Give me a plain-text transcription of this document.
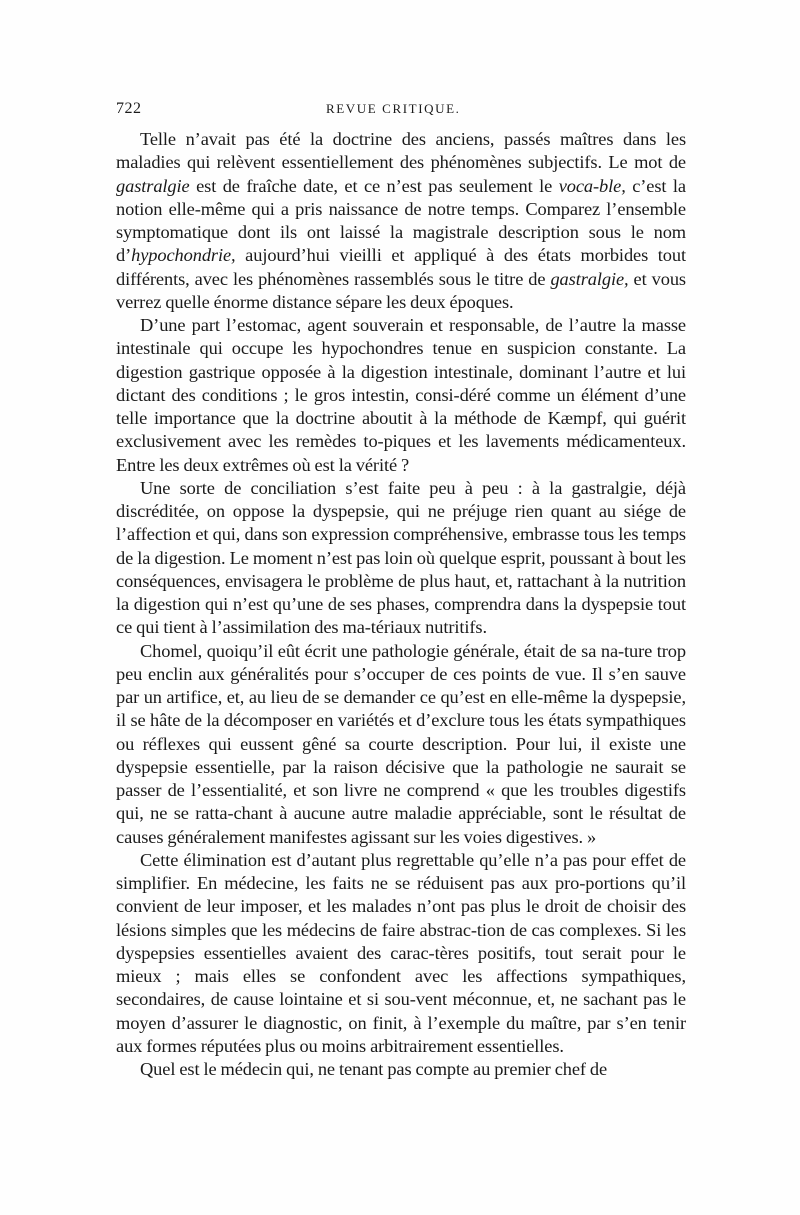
722	REVUE CRITIQUE.

Telle n’avait pas été la doctrine des anciens, passés maîtres dans les maladies qui relèvent essentiellement des phénomènes subjectifs. Le mot de gastralgie est de fraîche date, et ce n’est pas seulement le voca-ble, c’est la notion elle-même qui a pris naissance de notre temps. Comparez l’ensemble symptomatique dont ils ont laissé la magistrale description sous le nom d’hypochondrie, aujourd’hui vieilli et appliqué à des états morbides tout différents, avec les phénomènes rassemblés sous le titre de gastralgie, et vous verrez quelle énorme distance sépare les deux époques.

D’une part l’estomac, agent souverain et responsable, de l’autre la masse intestinale qui occupe les hypochondres tenue en suspicion constante. La digestion gastrique opposée à la digestion intestinale, dominant l’autre et lui dictant des conditions ; le gros intestin, consi-déré comme un élément d’une telle importance que la doctrine aboutit à la méthode de Kæmpf, qui guérit exclusivement avec les remèdes to-piques et les lavements médicamenteux. Entre les deux extrêmes où est la vérité ?

Une sorte de conciliation s’est faite peu à peu : à la gastralgie, déjà discréditée, on oppose la dyspepsie, qui ne préjuge rien quant au siége de l’affection et qui, dans son expression compréhensive, embrasse tous les temps de la digestion. Le moment n’est pas loin où quelque esprit, poussant à bout les conséquences, envisagera le problème de plus haut, et, rattachant à la nutrition la digestion qui n’est qu’une de ses phases, comprendra dans la dyspepsie tout ce qui tient à l’assimilation des ma-tériaux nutritifs.

Chomel, quoiqu’il eût écrit une pathologie générale, était de sa na-ture trop peu enclin aux généralités pour s’occuper de ces points de vue. Il s’en sauve par un artifice, et, au lieu de se demander ce qu’est en elle-même la dyspepsie, il se hâte de la décomposer en variétés et d’exclure tous les états sympathiques ou réflexes qui eussent gêné sa courte description. Pour lui, il existe une dyspepsie essentielle, par la raison décisive que la pathologie ne saurait se passer de l’essentialité, et son livre ne comprend « que les troubles digestifs qui, ne se ratta-chant à aucune autre maladie appréciable, sont le résultat de causes généralement manifestes agissant sur les voies digestives. »

Cette élimination est d’autant plus regrettable qu’elle n’a pas pour effet de simplifier. En médecine, les faits ne se réduisent pas aux pro-portions qu’il convient de leur imposer, et les malades n’ont pas plus le droit de choisir des lésions simples que les médecins de faire abstrac-tion de cas complexes. Si les dyspepsies essentielles avaient des carac-tères positifs, tout serait pour le mieux ; mais elles se confondent avec les affections sympathiques, secondaires, de cause lointaine et si sou-vent méconnue, et, ne sachant pas le moyen d’assurer le diagnostic, on finit, à l’exemple du maître, par s’en tenir aux formes réputées plus ou moins arbitrairement essentielles.

Quel est le médecin qui, ne tenant pas compte au premier chef de
